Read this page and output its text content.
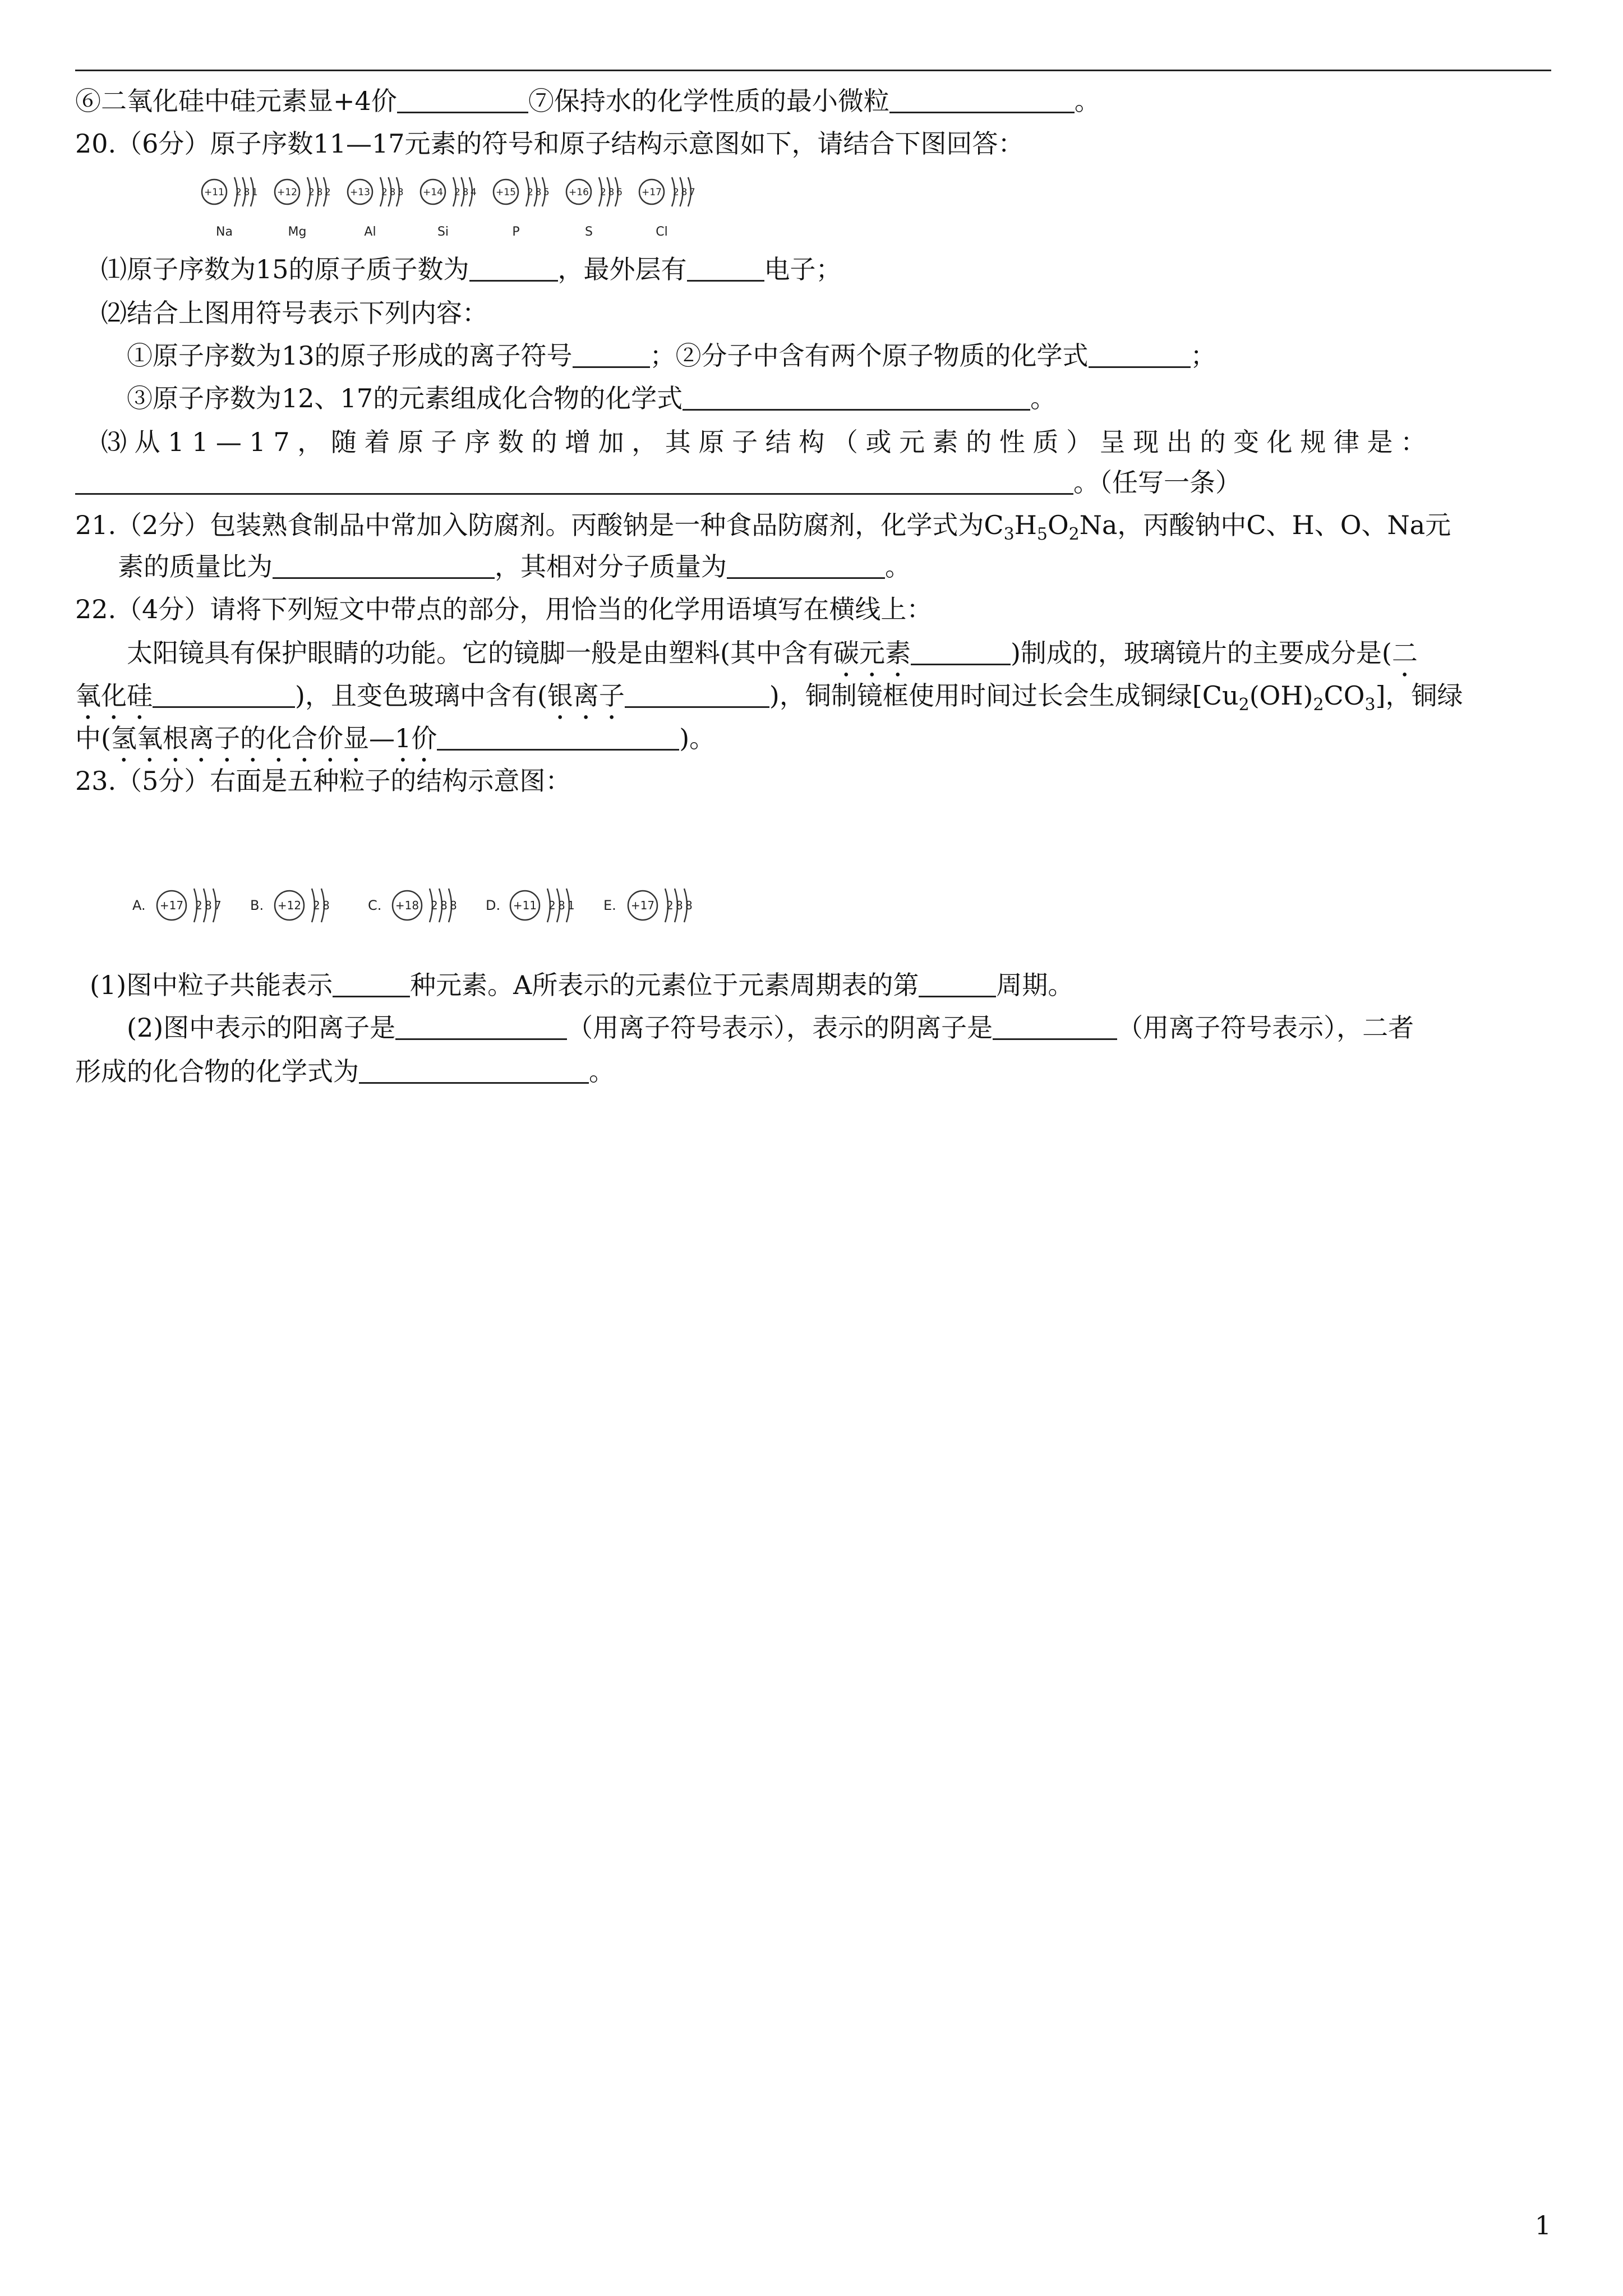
⑥二氧化硅中硅元素显+4价	⑦保持水的化学性质的最小微粒	。
20.（6分）原子序数11—17元素的符号和原子结构示意图如下，请结合下图回答：
+11 2 8 1
Na
+12 2 8 2
Mg
+13 2 8 3
Al
+14 2 8 4
Si
+15 2 8 5
P
+16 2 8 6
S
+17 2 8 7
Cl
⑴原子序数为15的原子质子数为	，最外层有	电子；
⑵结合上图用符号表示下列内容：
①原子序数为13的原子形成的离子符号	；②分子中含有两个原子物质的化学式	；
③原子序数为12、17的元素组成化合物的化学式	。
⑶从11—17，随着原子序数的增加，其原子结构（或元素的性质）呈现出的变化规律是：
。（任写一条）
21.（2分）包装熟食制品中常加入防腐剂。丙酸钠是一种食品防腐剂，化学式为$C_3H_5O_2Na$，丙酸钠中C、H、O、Na元
素的质量比为	，其相对分子质量为	。
22.（4分）请将下列短文中带点的部分，用恰当的化学用语填写在横线上：
太阳镜具有保护眼睛的功能。它的镜脚一般是由塑料(其中含有碳元素	)制成的，玻璃镜片的主要成分是(二
氧化硅	)，且变色玻璃中含有(银离子	)，铜制镜框使用时间过长会生成铜绿$[Cu_2(OH)_2CO_3]$，铜绿
中(氢氧根离子的化合价显—1价	)。
23.（5分）右面是五种粒子的结构示意图：
A. +17 2 8 7 B. +12 2 8	C. +18 2 8 8 D. +11 2 8 1 E. +17 2 8 8
(1)图中粒子共能表示	种元素。A所表示的元素位于元素周期表的第	周期。
(2)图中表示的阳离子是	（用离子符号表示），表示的阴离子是	（用离子符号表示），二者
形成的化合物的化学式为	。
1
